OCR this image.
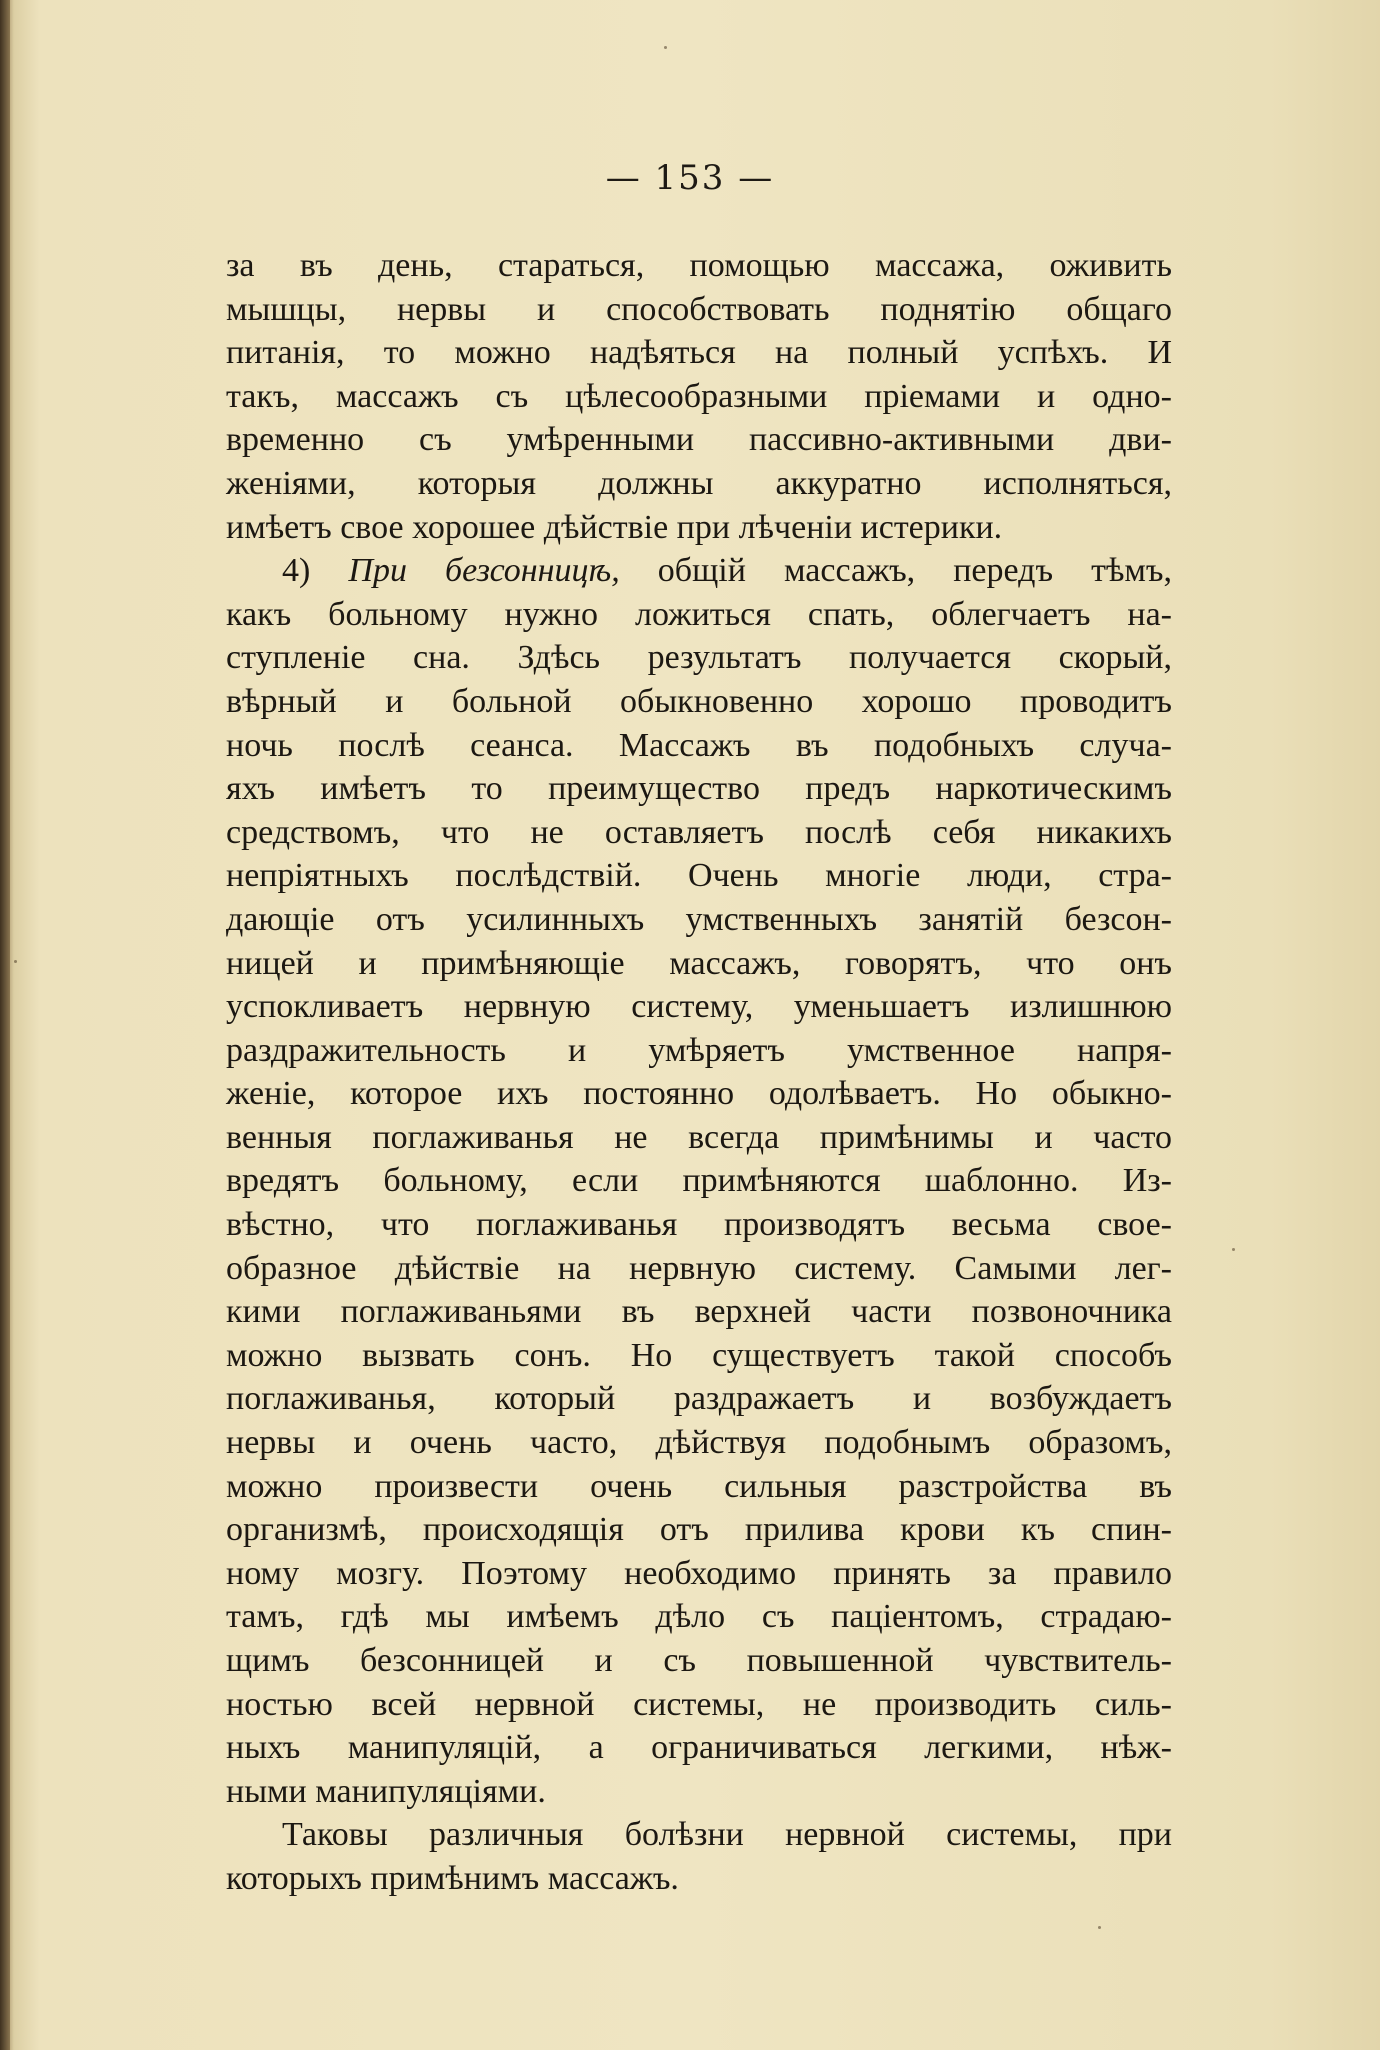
— 153 —
за въ день, стараться, помощью массажа, оживить
мышцы, нервы и способствовать поднятію общаго
питанія, то можно надѣяться на полный успѣхъ. И
такъ, массажъ съ цѣлесообразными пріемами и одно-
временно съ умѣренными пассивно-активными дви-
женіями, которыя должны аккуратно исполняться,
имѣетъ свое хорошее дѣйствіе при лѣченіи истерики.
4) При безсонницѣ, общій массажъ, передъ тѣмъ,
какъ больному нужно ложиться спать, облегчаетъ на-
ступленіе сна. Здѣсь результатъ получается скорый,
вѣрный и больной обыкновенно хорошо проводитъ
ночь послѣ сеанса. Массажъ въ подобныхъ случа-
яхъ имѣетъ то преимущество предъ наркотическимъ
средствомъ, что не оставляетъ послѣ себя никакихъ
непріятныхъ послѣдствій. Очень многіе люди, стра-
дающіе отъ усилинныхъ умственныхъ занятій безсон-
ницей и примѣняющіе массажъ, говорятъ, что онъ
успокливаетъ нервную систему, уменьшаетъ излишнюю
раздражительность и умѣряетъ умственное напря-
женіе, которое ихъ постоянно одолѣваетъ. Но обыкно-
венныя поглаживанья не всегда примѣнимы и часто
вредятъ больному, если примѣняются шаблонно. Из-
вѣстно, что поглаживанья производятъ весьма свое-
образное дѣйствіе на нервную систему. Самыми лег-
кими поглаживаньями въ верхней части позвоночника
можно вызвать сонъ. Но существуетъ такой способъ
поглаживанья, который раздражаетъ и возбуждаетъ
нервы и очень часто, дѣйствуя подобнымъ образомъ,
можно произвести очень сильныя разстройства въ
организмѣ, происходящія отъ прилива крови къ спин-
ному мозгу. Поэтому необходимо принять за правило
тамъ, гдѣ мы имѣемъ дѣло съ паціентомъ, страдаю-
щимъ безсонницей и съ повышенной чувствитель-
ностью всей нервной системы, не производить силь-
ныхъ манипуляцій, а ограничиваться легкими, нѣж-
ными манипуляціями.
Таковы различныя болѣзни нервной системы, при
которыхъ примѣнимъ массажъ.
